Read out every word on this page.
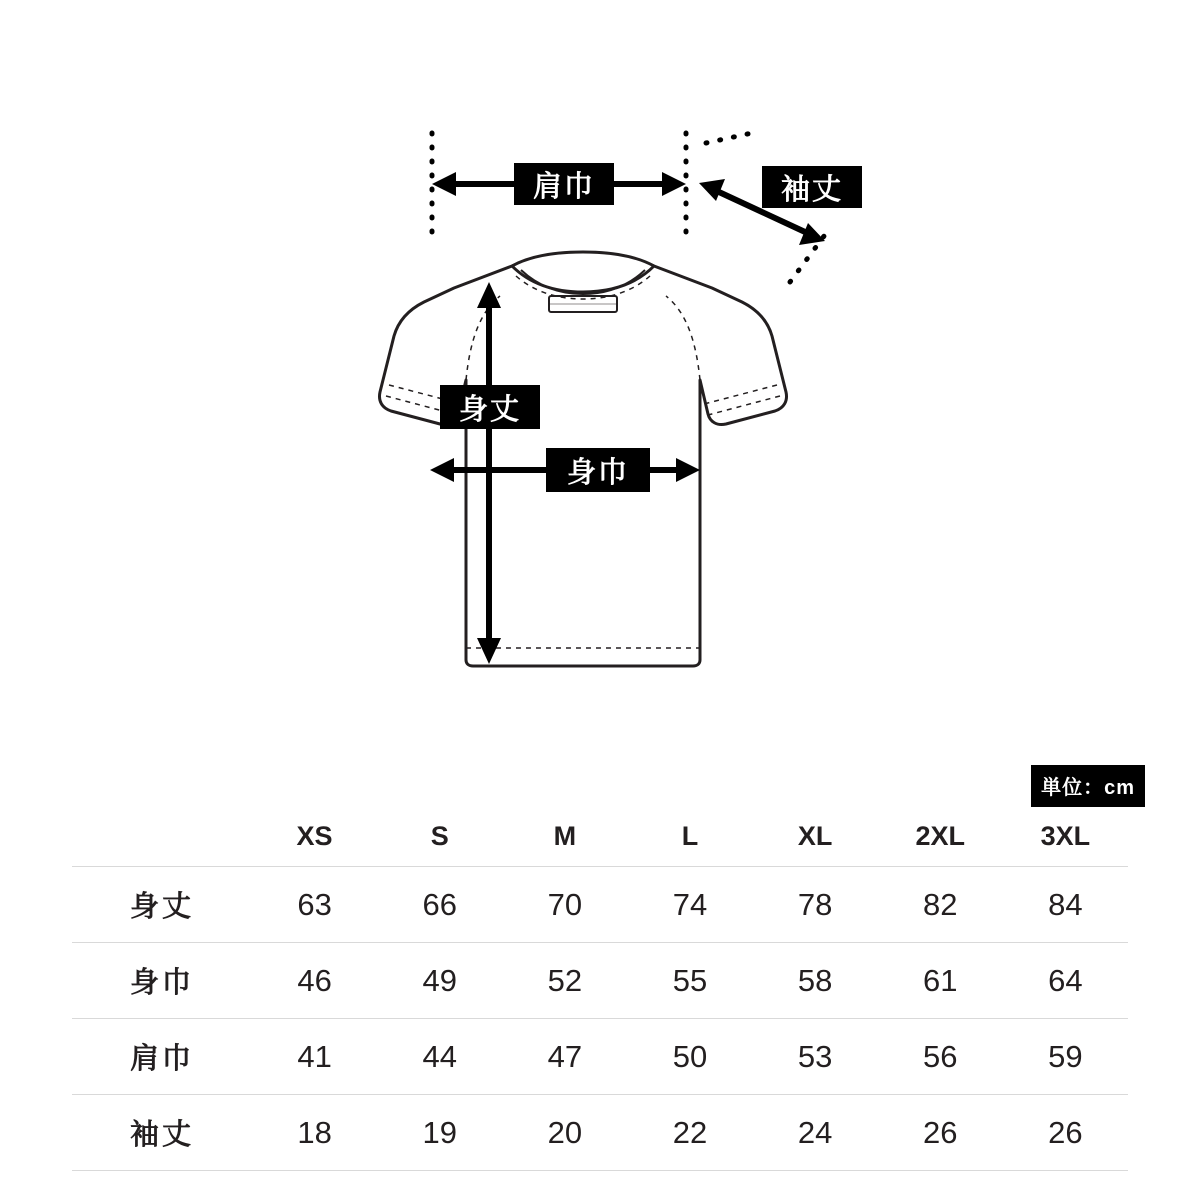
肩巾	袖丈
身丈
身巾
単位：cm
	XS	S	M	L	XL	2XL	3XL
身丈	63	66	70	74	78	82	84
身巾	46	49	52	55	58	61	64
肩巾	41	44	47	50	53	56	59
袖丈	18	19	20	22	24	26	26
